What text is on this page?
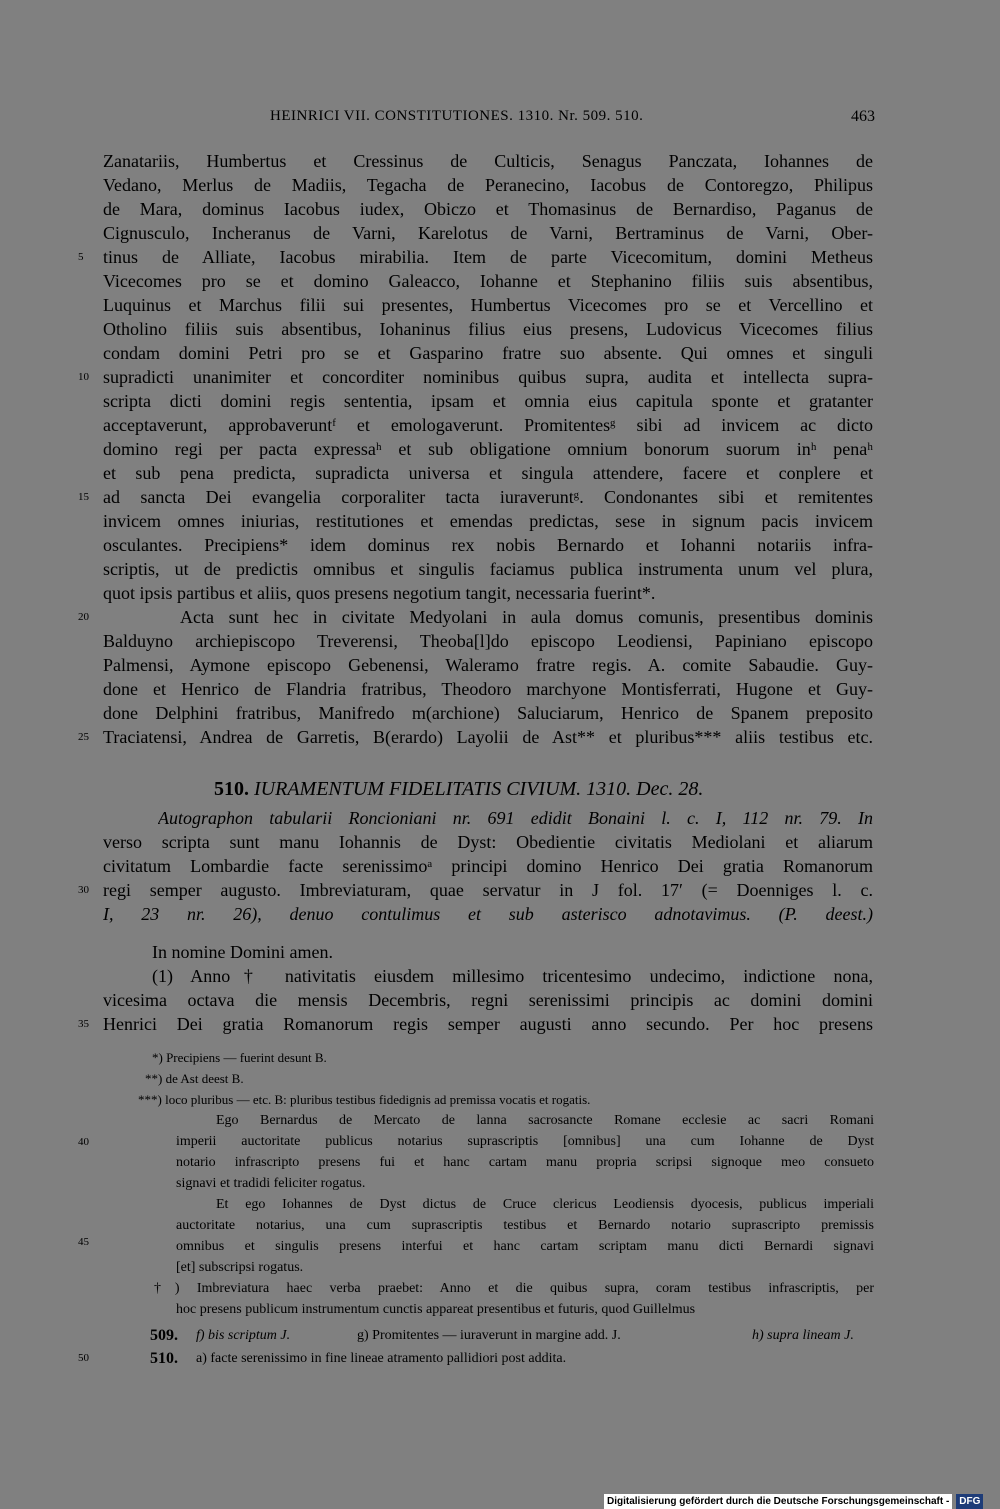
HEINRICI VII. CONSTITUTIONES. 1310. Nr. 509. 510.	463
Zanatariis, Humbertus et Cressinus de Culticis, Senagus Panczata, Iohannes de
Vedano, Merlus de Madiis, Tegacha de Peranecino, Iacobus de Contoregzo, Philipus
de Mara, dominus Iacobus iudex, Obiczo et Thomasinus de Bernardiso, Paganus de
Cignusculo, Incheranus de Varni, Karelotus de Varni, Bertraminus de Varni, Ober-
tinus de Alliate, Iacobus mirabilia. Item de parte Vicecomitum, domini Metheus
Vicecomes pro se et domino Galeacco, Iohanne et Stephanino filiis suis absentibus,
Luquinus et Marchus filii sui presentes, Humbertus Vicecomes pro se et Vercellino et
Otholino filiis suis absentibus, Iohaninus filius eius presens, Ludovicus Vicecomes filius
condam domini Petri pro se et Gasparino fratre suo absente. Qui omnes et singuli
supradicti unanimiter et concorditer nominibus quibus supra, audita et intellecta supra-
scripta dicti domini regis sententia, ipsam et omnia eius capitula sponte et gratanter
acceptaverunt, approbaveruntᶠ et emologaverunt. Promitentesᵍ sibi ad invicem ac dicto
domino regi per pacta expressaʰ et sub obligatione omnium bonorum suorum inʰ penaʰ
et sub pena predicta, supradicta universa et singula attendere, facere et conplere et
ad sancta Dei evangelia corporaliter tacta iuraveruntᵍ. Condonantes sibi et remitentes
invicem omnes iniurias, restitutiones et emendas predictas, sese in signum pacis invicem
osculantes. Precipiens* idem dominus rex nobis Bernardo et Iohanni notariis infra-
scriptis, ut de predictis omnibus et singulis faciamus publica instrumenta unum vel plura,
quot ipsis partibus et aliis, quos presens negotium tangit, necessaria fuerint*.
Acta sunt hec in civitate Medyolani in aula domus comunis, presentibus dominis
Balduyno archiepiscopo Treverensi, Theoba[l]do episcopo Leodiensi, Papiniano episcopo
Palmensi, Aymone episcopo Gebenensi, Waleramo fratre regis. A. comite Sabaudie. Guy-
done et Henrico de Flandria fratribus, Theodoro marchyone Montisferrati, Hugone et Guy-
done Delphini fratribus, Manifredo m(archione) Saluciarum, Henrico de Spanem preposito
Traciatensi, Andrea de Garretis, B(erardo) Layolii de Ast** et pluribus*** aliis testibus etc.
5
10
15
20
25
30
35
40
45
50
510. IURAMENTUM FIDELITATIS CIVIUM. 1310. Dec. 28.
Autographon tabularii Roncioniani nr. 691 edidit Bonaini l. c. I, 112 nr. 79. In
verso scripta sunt manu Iohannis de Dyst: Obedientie civitatis Mediolani et aliarum
civitatum Lombardie facte serenissimoᵃ principi domino Henrico Dei gratia Romanorum
regi semper augusto. Imbreviaturam, quae servatur in J fol. 17′ (= Doenniges l. c.
I, 23 nr. 26), denuo contulimus et sub asterisco adnotavimus. (P. deest.)
In nomine Domini amen.
(1) Anno† nativitatis eiusdem millesimo tricentesimo undecimo, indictione nona,
vicesima octava die mensis Decembris, regni serenissimi principis ac domini domini
Henrici Dei gratia Romanorum regis semper augusti anno secundo. Per hoc presens
*) Precipiens — fuerint desunt B.
**) de Ast deest B.
***) loco pluribus — etc. B: pluribus testibus fidedignis ad premissa vocatis et rogatis.
Ego Bernardus de Mercato de lanna sacrosancte Romane ecclesie ac sacri Romani
imperii auctoritate publicus notarius suprascriptis [omnibus] una cum Iohanne de Dyst
notario infrascripto presens fui et hanc cartam manu propria scripsi signoque meo consueto
signavi et tradidi feliciter rogatus.
Et ego Iohannes de Dyst dictus de Cruce clericus Leodiensis dyocesis, publicus imperiali
auctoritate notarius, una cum suprascriptis testibus et Bernardo notario suprascripto premissis
omnibus et singulis presens interfui et hanc cartam scriptam manu dicti Bernardi signavi
[et] subscripsi rogatus.
†) Imbreviatura haec verba praebet: Anno et die quibus supra, coram testibus infrascriptis, per
hoc presens publicum instrumentum cunctis appareat presentibus et futuris, quod Guillelmus
509. f) bis scriptum J.	g) Promitentes — iuraverunt in margine add. J.	h) supra lineam J.
510. a) facte serenissimo in fine lineae atramento pallidiori post addita.
Digitalisierung gefördert durch die Deutsche Forschungsgemeinschaft -	DFG
